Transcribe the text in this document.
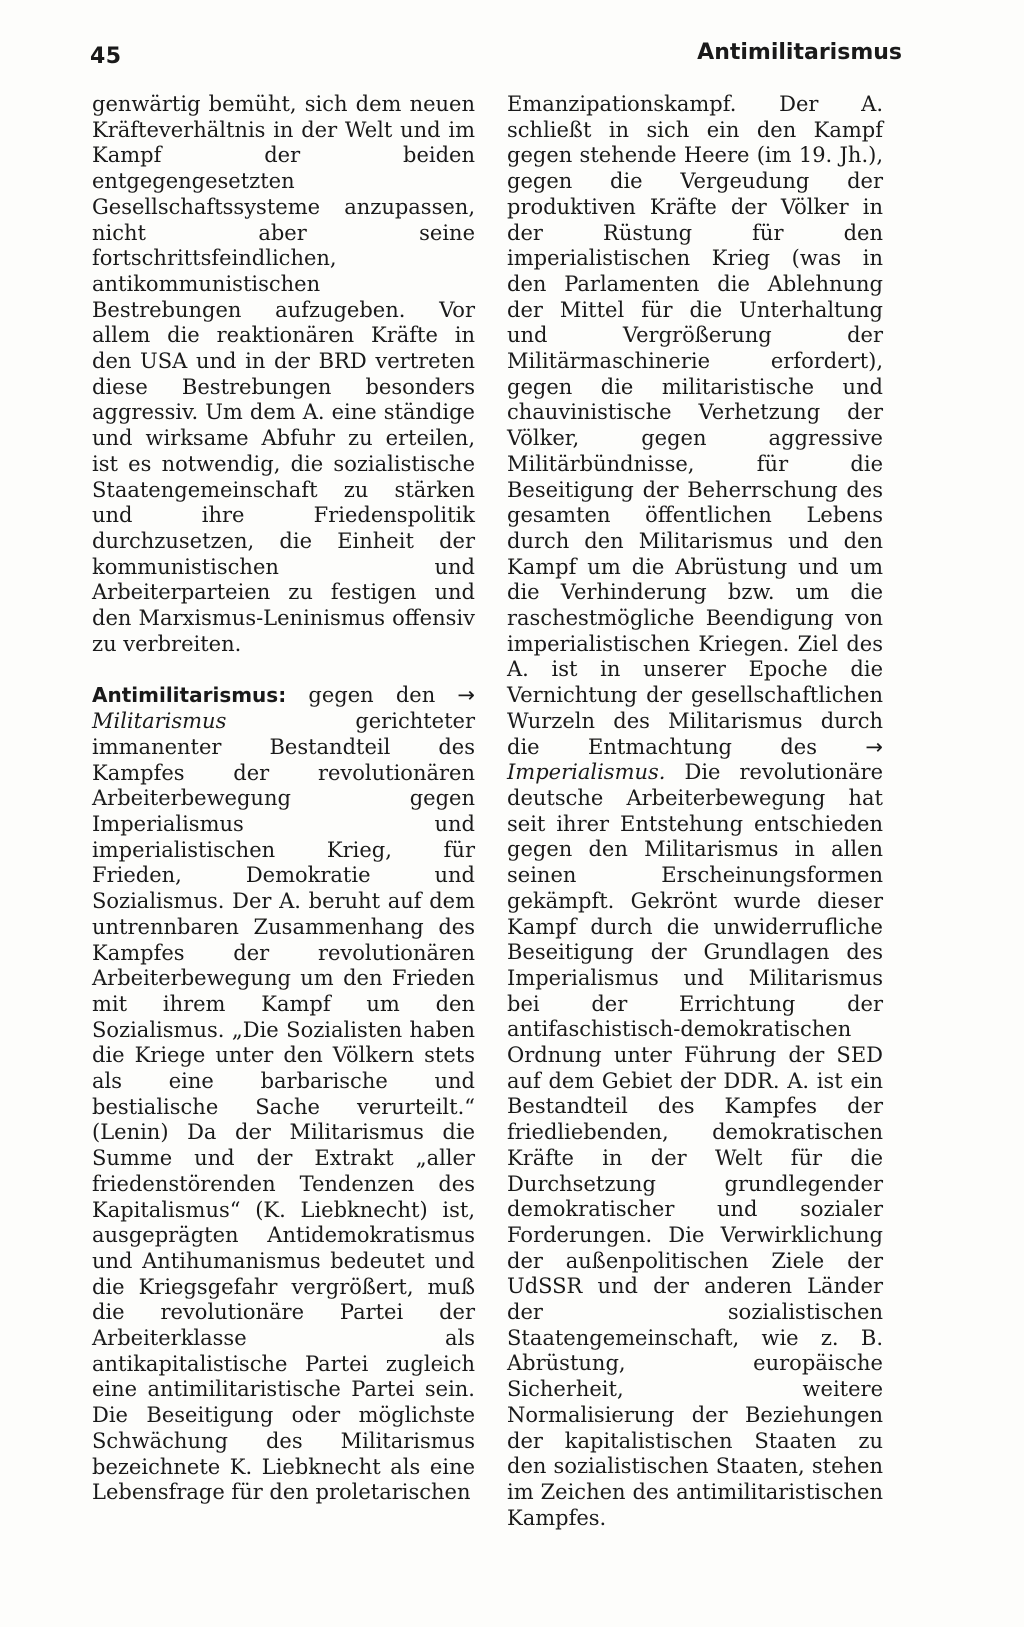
45	Antimilitarismus

genwärtig bemüht, sich dem neuen Kräfteverhältnis in der Welt und im Kampf der beiden entgegengesetzten Gesellschaftssysteme anzupassen, nicht aber seine fortschrittsfeindlichen, antikommunistischen Bestrebungen aufzugeben. Vor allem die reaktionären Kräfte in den USA und in der BRD vertreten diese Bestrebungen besonders aggressiv. Um dem A. eine ständige und wirksame Abfuhr zu erteilen, ist es notwendig, die sozialistische Staatengemeinschaft zu stärken und ihre Friedenspolitik durchzusetzen, die Einheit der kommunistischen und Arbeiterparteien zu festigen und den Marxismus-Leninismus offensiv zu verbreiten.

Antimilitarismus: gegen den → Militarismus gerichteter immanenter Bestandteil des Kampfes der revolutionären Arbeiterbewegung gegen Imperialismus und imperialistischen Krieg, für Frieden, Demokratie und Sozialismus. Der A. beruht auf dem untrennbaren Zusammenhang des Kampfes der revolutionären Arbeiterbewegung um den Frieden mit ihrem Kampf um den Sozialismus. „Die Sozialisten haben die Kriege unter den Völkern stets als eine barbarische und bestialische Sache verurteilt.“ (Lenin) Da der Militarismus die Summe und der Extrakt „aller friedenstörenden Tendenzen des Kapitalismus“ (K. Liebknecht) ist, ausgeprägten Antidemokratismus und Antihumanismus bedeutet und die Kriegsgefahr vergrößert, muß die revolutionäre Partei der Arbeiterklasse als antikapitalistische Partei zugleich eine antimilitaristische Partei sein. Die Beseitigung oder möglichste Schwächung des Militarismus bezeichnete K. Liebknecht als eine Lebensfrage für den proletarischen

Emanzipationskampf. Der A. schließt in sich ein den Kampf gegen stehende Heere (im 19. Jh.), gegen die Vergeudung der produktiven Kräfte der Völker in der Rüstung für den imperialistischen Krieg (was in den Parlamenten die Ablehnung der Mittel für die Unterhaltung und Vergrößerung der Militärmaschinerie erfordert), gegen die militaristische und chauvinistische Verhetzung der Völker, gegen aggressive Militärbündnisse, für die Beseitigung der Beherrschung des gesamten öffentlichen Lebens durch den Militarismus und den Kampf um die Abrüstung und um die Verhinderung bzw. um die raschestmögliche Beendigung von imperialistischen Kriegen. Ziel des A. ist in unserer Epoche die Vernichtung der gesellschaftlichen Wurzeln des Militarismus durch die Entmachtung des → Imperialismus. Die revolutionäre deutsche Arbeiterbewegung hat seit ihrer Entstehung entschieden gegen den Militarismus in allen seinen Erscheinungsformen gekämpft. Gekrönt wurde dieser Kampf durch die unwiderrufliche Beseitigung der Grundlagen des Imperialismus und Militarismus bei der Errichtung der antifaschistisch-demokratischen Ordnung unter Führung der SED auf dem Gebiet der DDR. A. ist ein Bestandteil des Kampfes der friedliebenden, demokratischen Kräfte in der Welt für die Durchsetzung grundlegender demokratischer und sozialer Forderungen. Die Verwirklichung der außenpolitischen Ziele der UdSSR und der anderen Länder der sozialistischen Staatengemeinschaft, wie z. B. Abrüstung, europäische Sicherheit, weitere Normalisierung der Beziehungen der kapitalistischen Staaten zu den sozialistischen Staaten, stehen im Zeichen des antimilitaristischen Kampfes.
